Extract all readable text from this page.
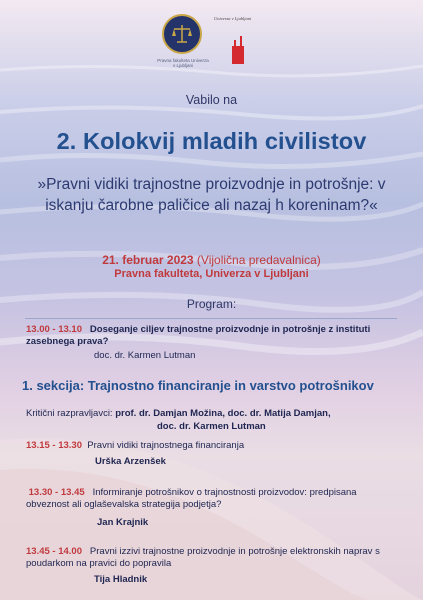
Pravna fakulteta Univerza v Ljubljani
Univerza v Ljubljani

Vabilo na

2. Kolokvij mladih civilistov

»Pravni vidiki trajnostne proizvodnje in potrošnje: v iskanju čarobne paličice ali nazaj h koreninam?«

21. februar 2023 (Vijolična predavalnica)

Pravna fakulteta, Univerza v Ljubljani

Program:

13.00 - 13.10 Doseganje ciljev trajnostne proizvodnje in potrošnje z instituti zasebnega prava?

doc. dr. Karmen Lutman

1. sekcija: Trajnostno financiranje in varstvo potrošnikov

Kritični razpravljavci: prof. dr. Damjan Možina, doc. dr. Matija Damjan,

doc. dr. Karmen Lutman

13.15 - 13.30 Pravni vidiki trajnostnega financiranja

Urška Arzenšek

13.30 - 13.45 Informiranje potrošnikov o trajnostnosti proizvodov: predpisana obveznost ali oglaševalska strategija podjetja?

Jan Krajnik

13.45 - 14.00 Pravni izzivi trajnostne proizvodnje in potrošnje elektronskih naprav s poudarkom na pravici do popravila

Tija Hladnik
